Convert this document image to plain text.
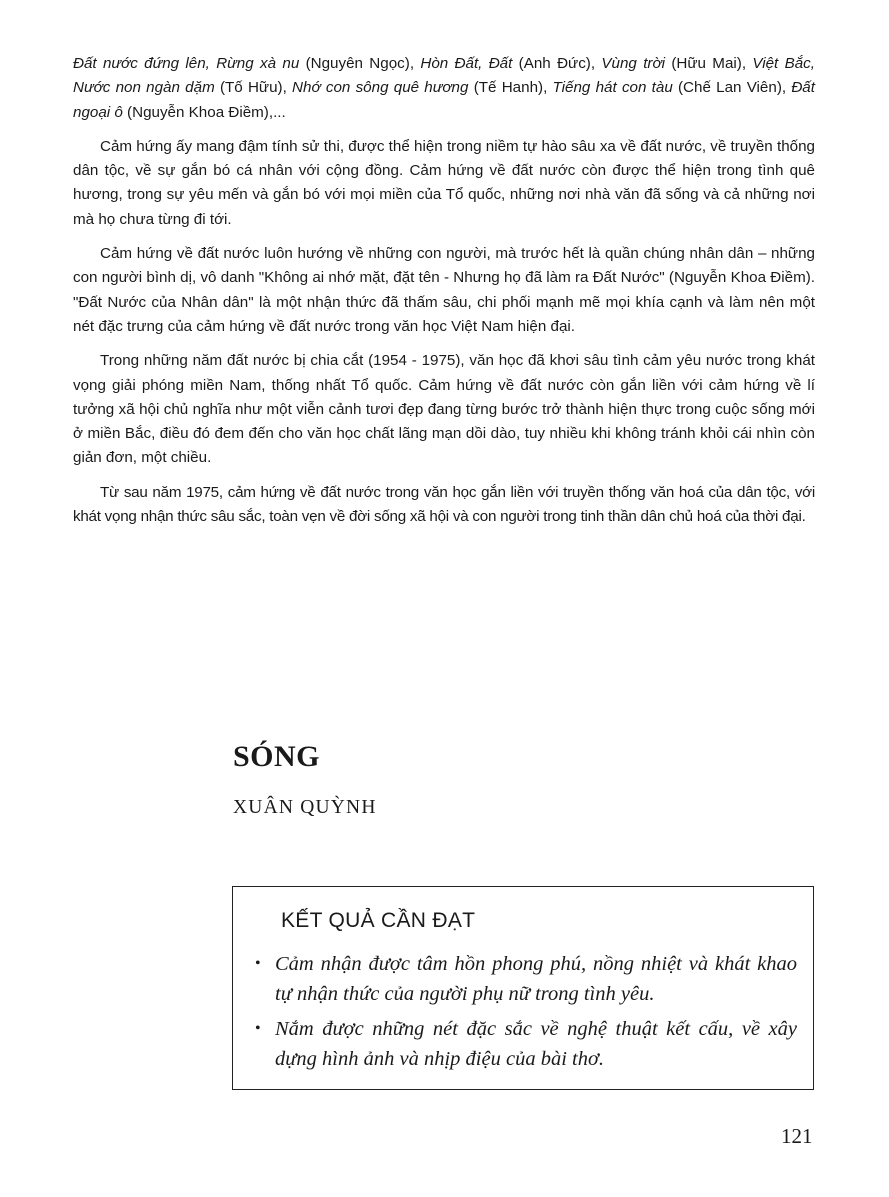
Đất nước đứng lên, Rừng xà nu (Nguyên Ngọc), Hòn Đất, Đất (Anh Đức), Vùng trời (Hữu Mai), Việt Bắc, Nước non ngàn dặm (Tố Hữu), Nhớ con sông quê hương (Tế Hanh), Tiếng hát con tàu (Chế Lan Viên), Đất ngoại ô (Nguyễn Khoa Điềm),...

Cảm hứng ấy mang đậm tính sử thi, được thể hiện trong niềm tự hào sâu xa về đất nước, về truyền thống dân tộc, về sự gắn bó cá nhân với cộng đồng. Cảm hứng về đất nước còn được thể hiện trong tình quê hương, trong sự yêu mến và gắn bó với mọi miền của Tổ quốc, những nơi nhà văn đã sống và cả những nơi mà họ chưa từng đi tới.

Cảm hứng về đất nước luôn hướng về những con người, mà trước hết là quần chúng nhân dân – những con người bình dị, vô danh "Không ai nhớ mặt, đặt tên - Nhưng họ đã làm ra Đất Nước" (Nguyễn Khoa Điềm). "Đất Nước của Nhân dân" là một nhận thức đã thấm sâu, chi phối mạnh mẽ mọi khía cạnh và làm nên một nét đặc trưng của cảm hứng về đất nước trong văn học Việt Nam hiện đại.

Trong những năm đất nước bị chia cắt (1954 - 1975), văn học đã khơi sâu tình cảm yêu nước trong khát vọng giải phóng miền Nam, thống nhất Tổ quốc. Cảm hứng về đất nước còn gắn liền với cảm hứng về lí tưởng xã hội chủ nghĩa như một viễn cảnh tươi đẹp đang từng bước trở thành hiện thực trong cuộc sống mới ở miền Bắc, điều đó đem đến cho văn học chất lãng mạn dồi dào, tuy nhiều khi không tránh khỏi cái nhìn còn giản đơn, một chiều.

Từ sau năm 1975, cảm hứng về đất nước trong văn học gắn liền với truyền thống văn hoá của dân tộc, với khát vọng nhận thức sâu sắc, toàn vẹn về đời sống xã hội và con người trong tinh thần dân chủ hoá của thời đại.

SÓNG
XUÂN QUỲNH
KẾT QUẢ CẦN ĐẠT
• Cảm nhận được tâm hồn phong phú, nồng nhiệt và khát khao tự nhận thức của người phụ nữ trong tình yêu.
• Nắm được những nét đặc sắc về nghệ thuật kết cấu, về xây dựng hình ảnh và nhịp điệu của bài thơ.
121
